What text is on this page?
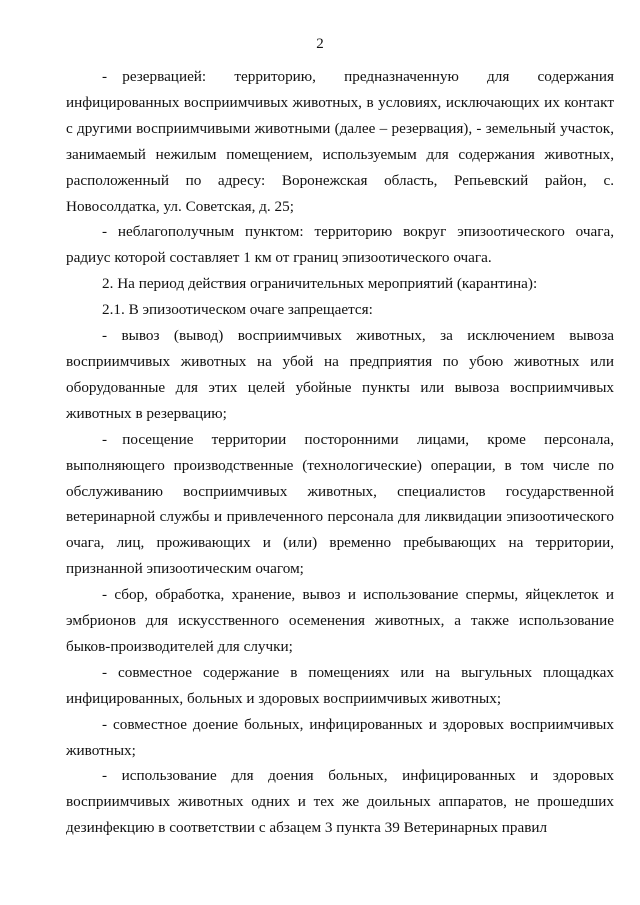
2

- резервацией: территорию, предназначенную для содержания инфицированных восприимчивых животных, в условиях, исключающих их контакт с другими восприимчивыми животными (далее – резервация), - земельный участок, занимаемый нежилым помещением, используемым для содержания животных, расположенный по адресу: Воронежская область, Репьевский район, с. Новосолдатка, ул. Советская, д. 25;

- неблагополучным пунктом: территорию вокруг эпизоотического очага, радиус которой составляет 1 км от границ эпизоотического очага.

2. На период действия ограничительных мероприятий (карантина):

2.1. В эпизоотическом очаге запрещается:

- вывоз (вывод) восприимчивых животных, за исключением вывоза восприимчивых животных на убой на предприятия по убою животных или оборудованные для этих целей убойные пункты или вывоза восприимчивых животных в резервацию;

- посещение территории посторонними лицами, кроме персонала, выполняющего производственные (технологические) операции, в том числе по обслуживанию восприимчивых животных, специалистов государственной ветеринарной службы и привлеченного персонала для ликвидации эпизоотического очага, лиц, проживающих и (или) временно пребывающих на территории, признанной эпизоотическим очагом;

- сбор, обработка, хранение, вывоз и использование спермы, яйцеклеток и эмбрионов для искусственного осеменения животных, а также использование быков-производителей для случки;

- совместное содержание в помещениях или на выгульных площадках инфицированных, больных и здоровых восприимчивых животных;

- совместное доение больных, инфицированных и здоровых восприимчивых животных;

- использование для доения больных, инфицированных и здоровых восприимчивых животных одних и тех же доильных аппаратов, не прошедших дезинфекцию в соответствии с абзацем 3 пункта 39 Ветеринарных правил
